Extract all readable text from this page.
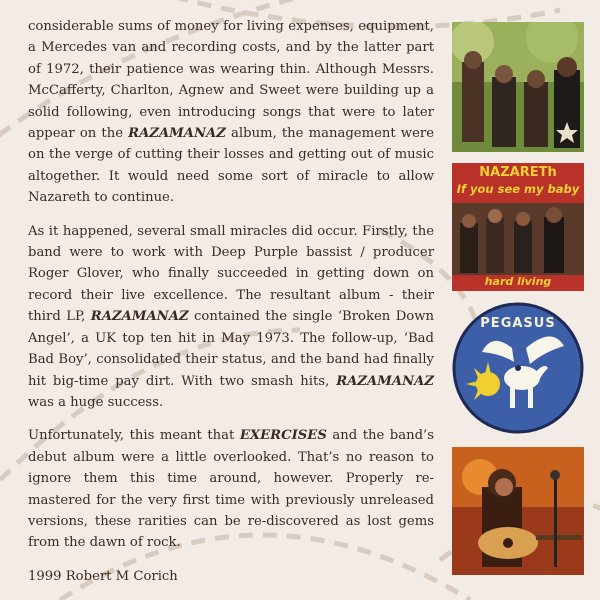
considerable sums of money for living expenses, equipment, a Mercedes van and recording costs, and by the latter part of 1972, their patience was wearing thin. Although Messrs. McCafferty, Charlton, Agnew and Sweet were building up a solid following, even introducing songs that were to later appear on the RAZAMANAZ album, the management were on the verge of cutting their losses and getting out of music altogether. It would need some sort of miracle to allow Nazareth to continue.

As it happened, several small miracles did occur. Firstly, the band were to work with Deep Purple bassist / producer Roger Glover, who finally succeeded in getting down on record their live excellence. The resultant album - their third LP, RAZAMANAZ contained the single ‘Broken Down Angel’, a UK top ten hit in May 1973. The follow-up, ‘Bad Bad Boy’, consolidated their status, and the band had finally hit big-time pay dirt. With two smash hits, RAZAMANAZ was a huge success.

Unfortunately, this meant that EXERCISES and the band’s debut album were a little overlooked. That’s no reason to ignore them this time around, however. Properly re-mastered for the very first time with previously unreleased versions, these rarities can be re-discovered as lost gems from the dawn of rock.

1999 Robert M Corich

NAZARETh
If you see my baby
hard living
PEGASUS
